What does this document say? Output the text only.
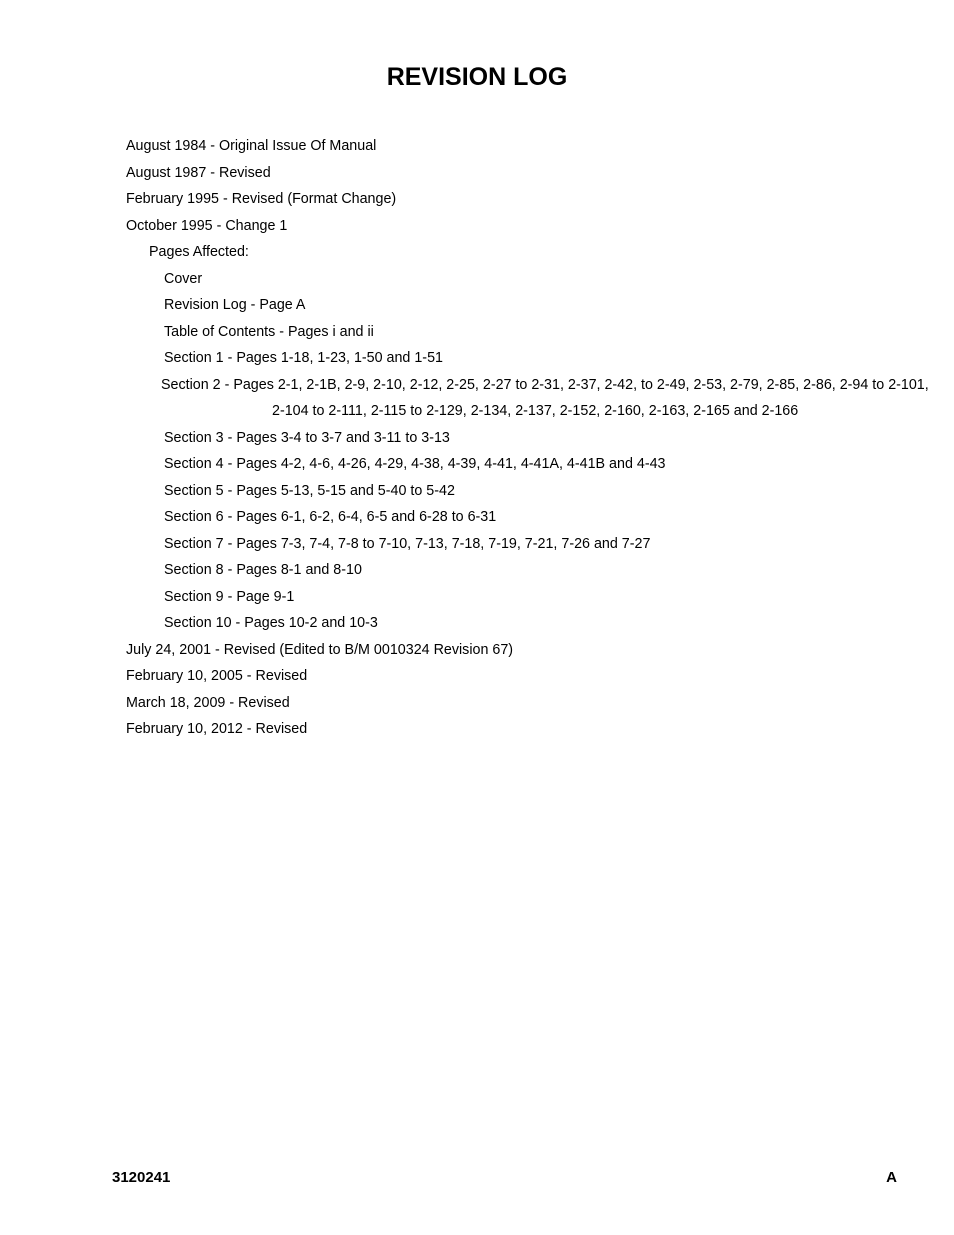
REVISION LOG
August 1984 - Original Issue Of Manual
August 1987 - Revised
February 1995 - Revised (Format Change)
October 1995 - Change 1
Pages Affected:
Cover
Revision Log - Page A
Table of Contents - Pages i and ii
Section 1 - Pages 1-18, 1-23, 1-50 and 1-51
Section 2 - Pages 2-1, 2-1B, 2-9, 2-10, 2-12, 2-25, 2-27 to 2-31, 2-37, 2-42, to 2-49, 2-53, 2-79, 2-85, 2-86, 2-94 to 2-101,
2-104 to 2-111, 2-115 to 2-129, 2-134, 2-137, 2-152, 2-160, 2-163, 2-165 and 2-166
Section 3 - Pages 3-4 to 3-7 and 3-11 to 3-13
Section 4 - Pages 4-2, 4-6, 4-26, 4-29, 4-38, 4-39, 4-41, 4-41A, 4-41B and 4-43
Section 5 - Pages 5-13, 5-15 and 5-40 to 5-42
Section 6 - Pages 6-1, 6-2, 6-4, 6-5 and 6-28 to 6-31
Section 7 - Pages 7-3, 7-4, 7-8 to 7-10, 7-13, 7-18, 7-19, 7-21, 7-26 and 7-27
Section 8 - Pages 8-1 and 8-10
Section 9 - Page 9-1
Section 10 - Pages 10-2 and 10-3
July 24, 2001 - Revised (Edited to B/M 0010324 Revision 67)
February 10, 2005 - Revised
March 18, 2009 - Revised
February 10, 2012 - Revised
3120241	A
